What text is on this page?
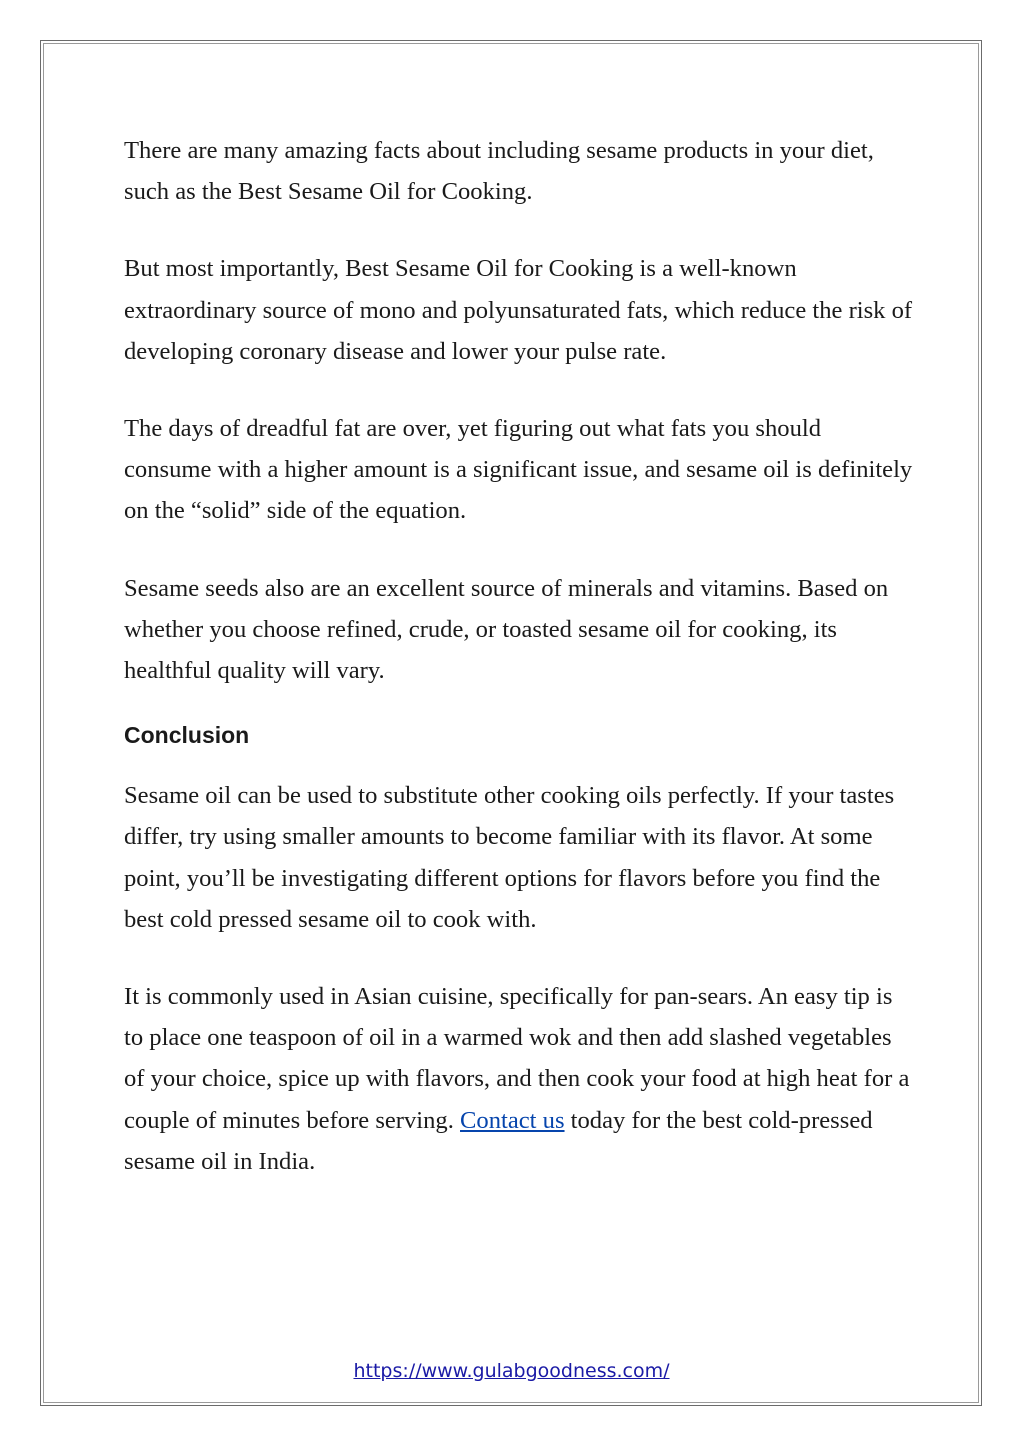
There are many amazing facts about including sesame products in your diet, such as the Best Sesame Oil for Cooking.

But most importantly, Best Sesame Oil for Cooking is a well-known extraordinary source of mono and polyunsaturated fats, which reduce the risk of developing coronary disease and lower your pulse rate.

The days of dreadful fat are over, yet figuring out what fats you should consume with a higher amount is a significant issue, and sesame oil is definitely on the “solid” side of the equation.

Sesame seeds also are an excellent source of minerals and vitamins. Based on whether you choose refined, crude, or toasted sesame oil for cooking, its healthful quality will vary.

Conclusion

Sesame oil can be used to substitute other cooking oils perfectly. If your tastes differ, try using smaller amounts to become familiar with its flavor. At some point, you’ll be investigating different options for flavors before you find the best cold pressed sesame oil to cook with.

It is commonly used in Asian cuisine, specifically for pan-sears. An easy tip is to place one teaspoon of oil in a warmed wok and then add slashed vegetables of your choice, spice up with flavors, and then cook your food at high heat for a couple of minutes before serving. Contact us today for the best cold-pressed sesame oil in India.

https://www.gulabgoodness.com/
